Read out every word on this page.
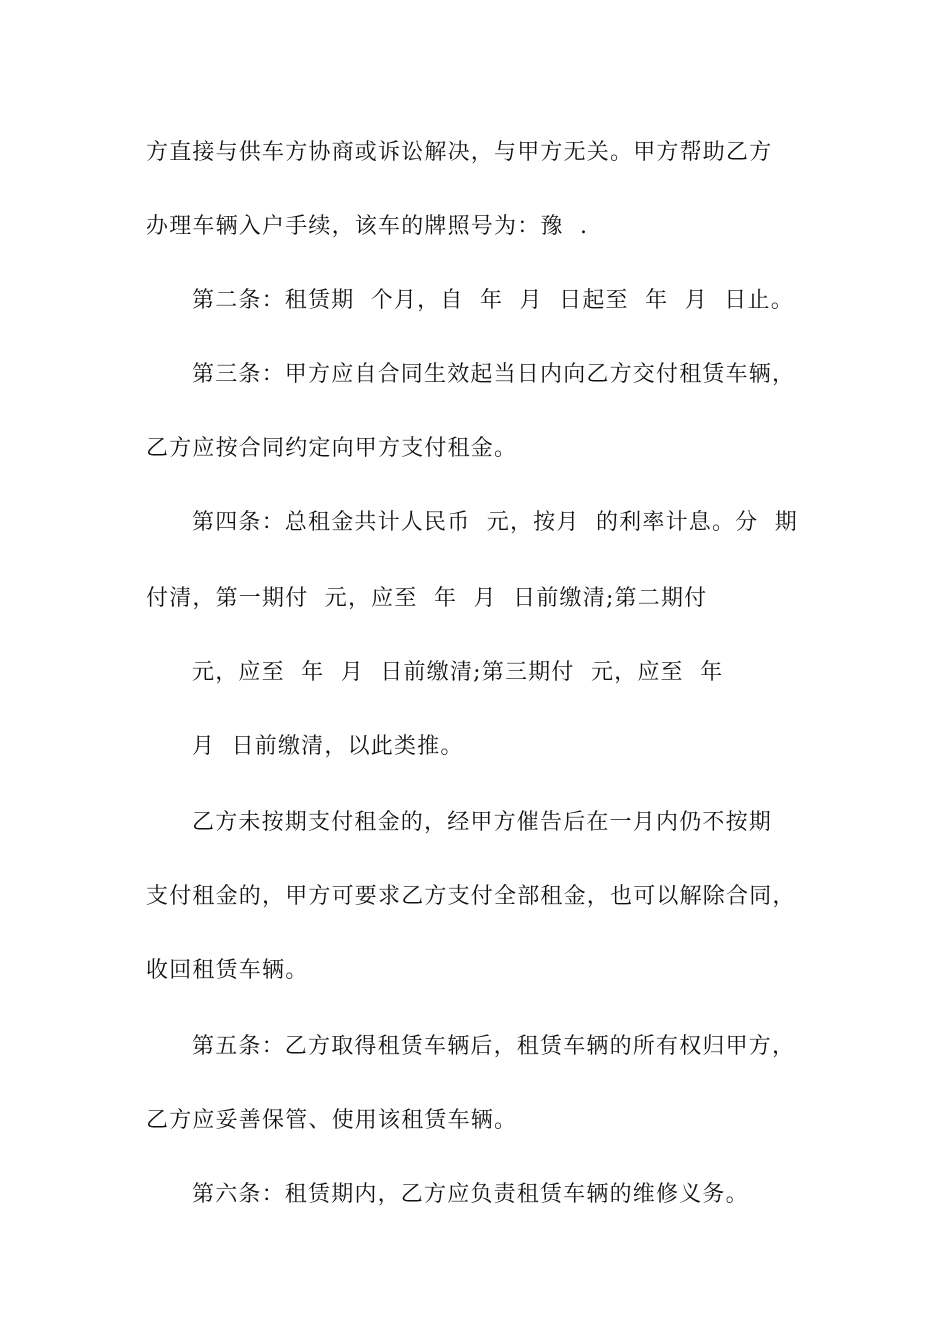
方直接与供车方协商或诉讼解决，与甲方无关。甲方帮助乙方
办理车辆入户手续，该车的牌照号为：豫  .
第二条：租赁期  个月，自  年  月  日起至  年  月  日止。
第三条：甲方应自合同生效起当日内向乙方交付租赁车辆，
乙方应按合同约定向甲方支付租金。
第四条：总租金共计人民币  元，按月  的利率计息。分  期
付清，第一期付  元，应至  年  月  日前缴清;第二期付
元，应至  年  月  日前缴清;第三期付  元，应至  年
月  日前缴清，以此类推。
乙方未按期支付租金的，经甲方催告后在一月内仍不按期
支付租金的，甲方可要求乙方支付全部租金，也可以解除合同，
收回租赁车辆。
第五条：乙方取得租赁车辆后，租赁车辆的所有权归甲方，
乙方应妥善保管、使用该租赁车辆。
第六条：租赁期内，乙方应负责租赁车辆的维修义务。
